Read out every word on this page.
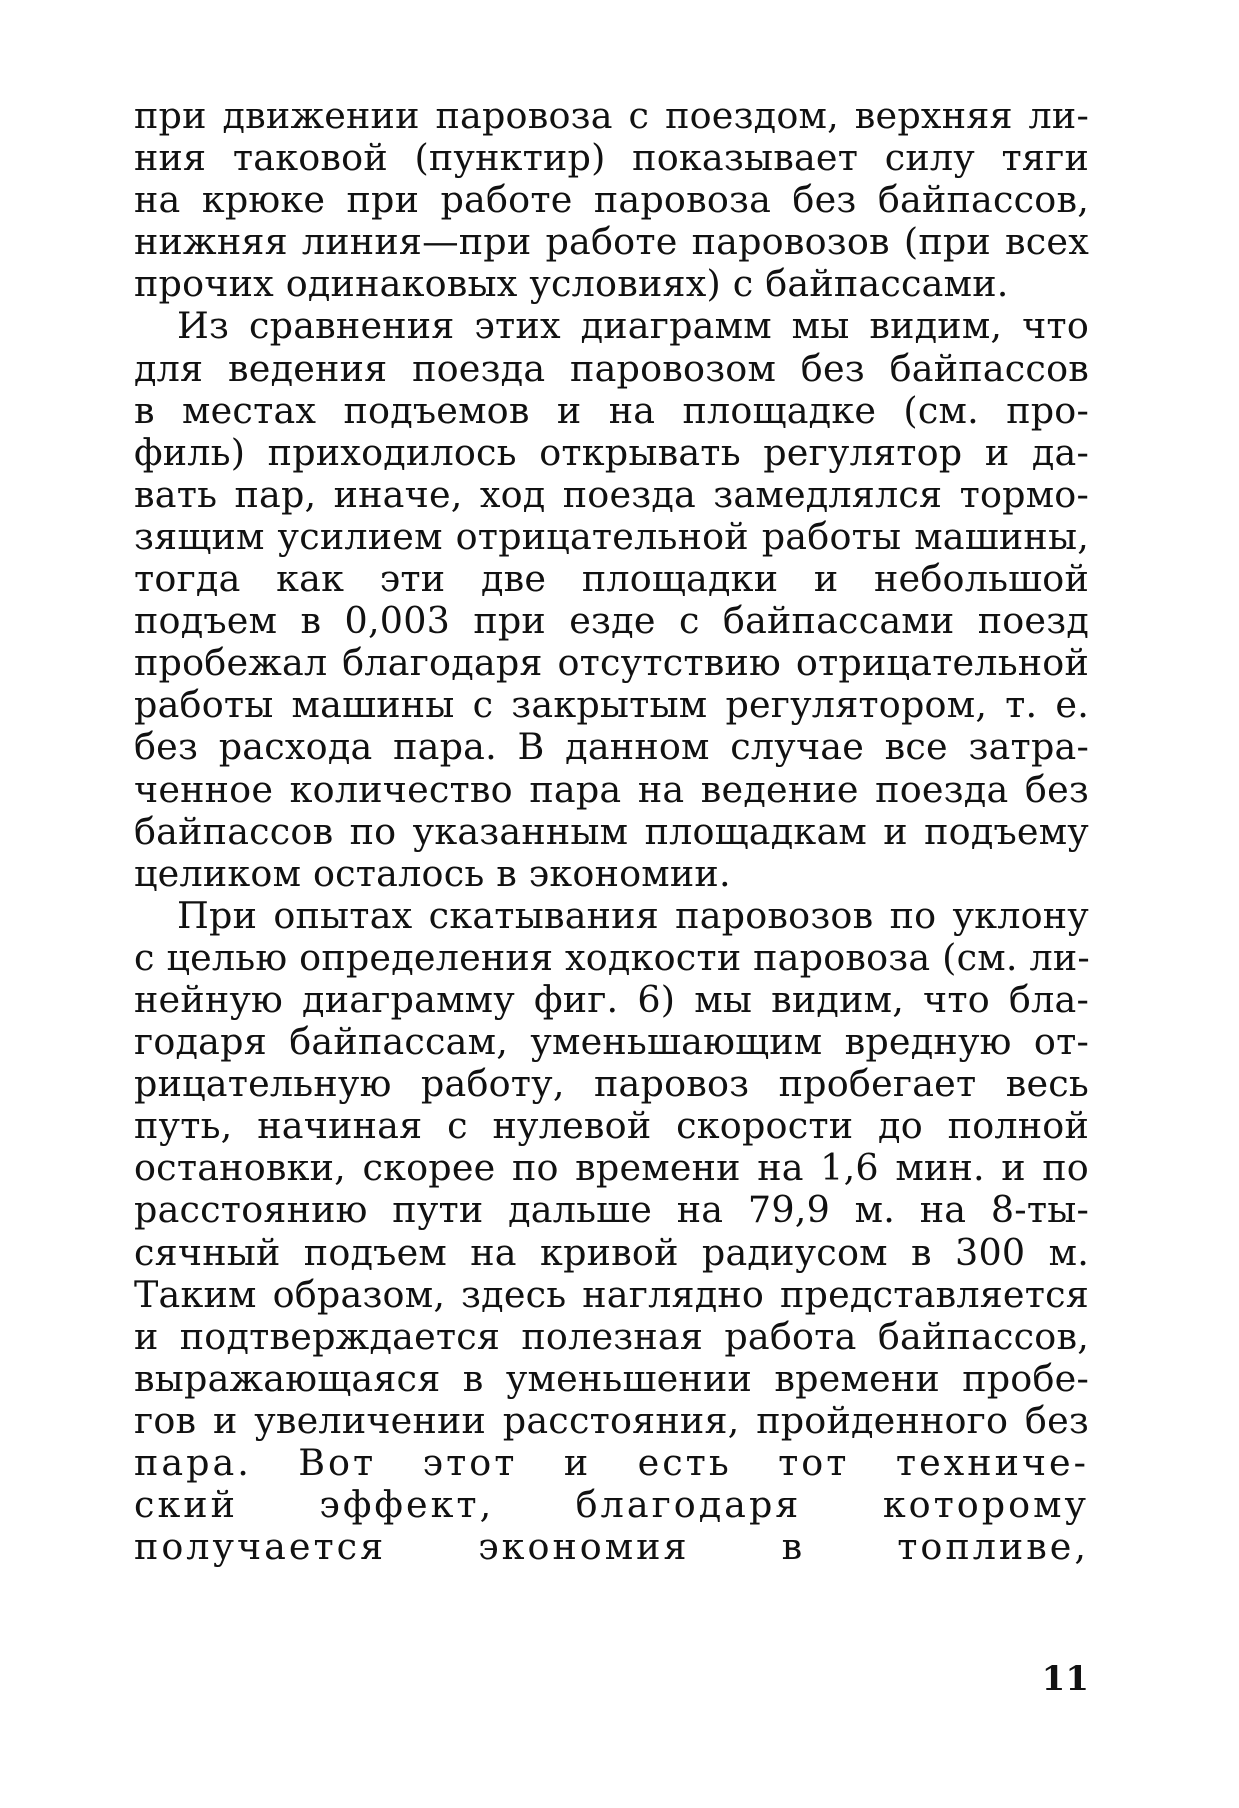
при движении паровоза с поездом, верхняя ли-
ния таковой (пунктир) показывает силу тяги
на крюке при работе паровоза без байпассов,
нижняя линия—при работе паровозов (при всех
прочих одинаковых условиях) с байпассами.
Из сравнения этих диаграмм мы видим, что
для ведения поезда паровозом без байпассов
в местах подъемов и на площадке (см. про-
филь) приходилось открывать регулятор и да-
вать пар, иначе, ход поезда замедлялся тормо-
зящим усилием отрицательной работы машины,
тогда как эти две площадки и небольшой
подъем в 0,003 при езде с байпассами поезд
пробежал благодаря отсутствию отрицательной
работы машины с закрытым регулятором, т. е.
без расхода пара. В данном случае все затра-
ченное количество пара на ведение поезда без
байпассов по указанным площадкам и подъему
целиком осталось в экономии.
При опытах скатывания паровозов по уклону
с целью определения ходкости паровоза (см. ли-
нейную диаграмму фиг. 6) мы видим, что бла-
годаря байпассам, уменьшающим вредную от-
рицательную работу, паровоз пробегает весь
путь, начиная с нулевой скорости до полной
остановки, скорее по времени на 1,6 мин. и по
расстоянию пути дальше на 79,9 м. на 8-ты-
сячный подъем на кривой радиусом в 300 м.
Таким образом, здесь наглядно представляется
и подтверждается полезная работа байпассов,
выражающаяся в уменьшении времени пробе-
гов и увеличении расстояния, пройденного без
пара. Вот этот и есть тот техниче-
ский эффект, благодаря которому
получается экономия в топливе,
11
